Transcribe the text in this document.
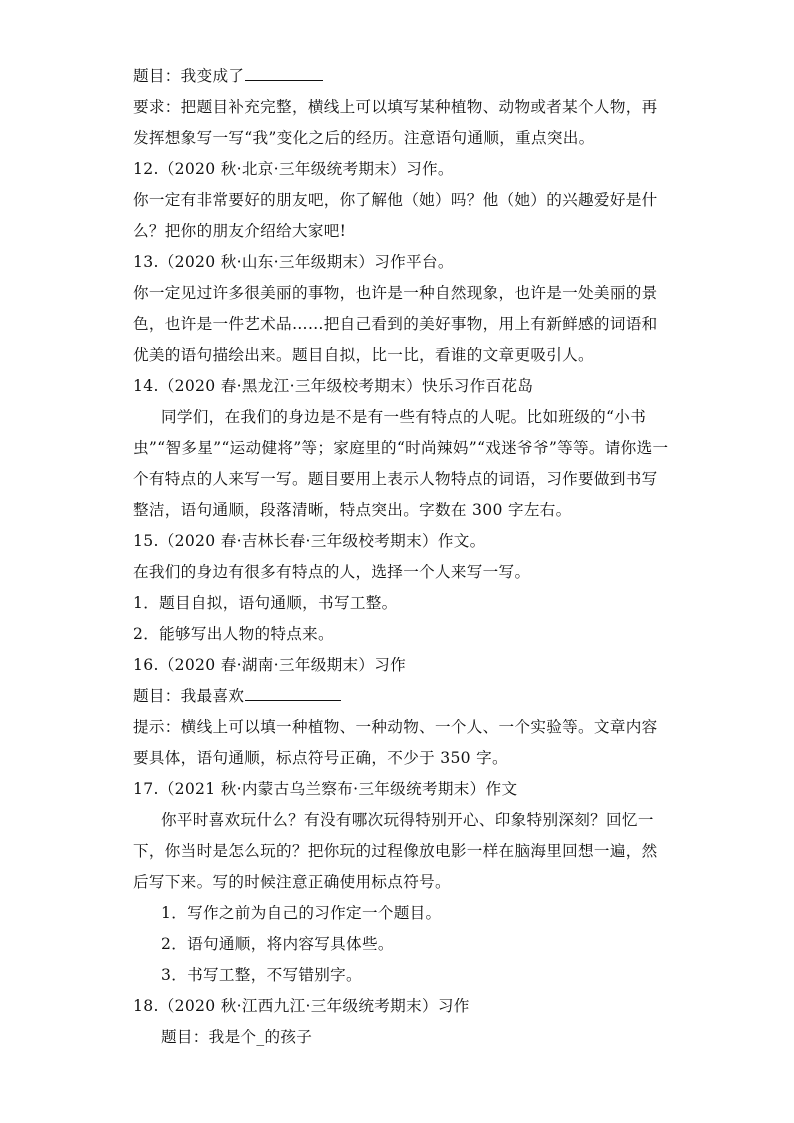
题目：我变成了
要求：把题目补充完整，横线上可以填写某种植物、动物或者某个人物，再
发挥想象写一写“我”变化之后的经历。注意语句通顺，重点突出。
12.（2020 秋·北京·三年级统考期末）习作。
你一定有非常要好的朋友吧，你了解他（她）吗？他（她）的兴趣爱好是什
么？把你的朋友介绍给大家吧!
13.（2020 秋·山东·三年级期末）习作平台。
你一定见过许多很美丽的事物，也许是一种自然现象，也许是一处美丽的景
色，也许是一件艺术品……把自己看到的美好事物，用上有新鲜感的词语和
优美的语句描绘出来。题目自拟，比一比，看谁的文章更吸引人。
14.（2020 春·黑龙江·三年级校考期末）快乐习作百花岛
同学们，在我们的身边是不是有一些有特点的人呢。比如班级的“小书
虫”“智多星”“运动健将”等；家庭里的“时尚辣妈”“戏迷爷爷”等等。请你选一
个有特点的人来写一写。题目要用上表示人物特点的词语，习作要做到书写
整洁，语句通顺，段落清晰，特点突出。字数在 300 字左右。
15.（2020 春·吉林长春·三年级校考期末）作文。
在我们的身边有很多有特点的人，选择一个人来写一写。
1．题目自拟，语句通顺，书写工整。
2．能够写出人物的特点来。
16.（2020 春·湖南·三年级期末）习作
题目：我最喜欢
提示：横线上可以填一种植物、一种动物、一个人、一个实验等。文章内容
要具体，语句通顺，标点符号正确，不少于 350 字。
17.（2021 秋·内蒙古乌兰察布·三年级统考期末）作文
你平时喜欢玩什么？有没有哪次玩得特别开心、印象特别深刻？回忆一
下，你当时是怎么玩的？把你玩的过程像放电影一样在脑海里回想一遍，然
后写下来。写的时候注意正确使用标点符号。
1．写作之前为自己的习作定一个题目。
2．语句通顺，将内容写具体些。
3．书写工整，不写错别字。
18.（2020 秋·江西九江·三年级统考期末）习作
题目：我是个_的孩子
